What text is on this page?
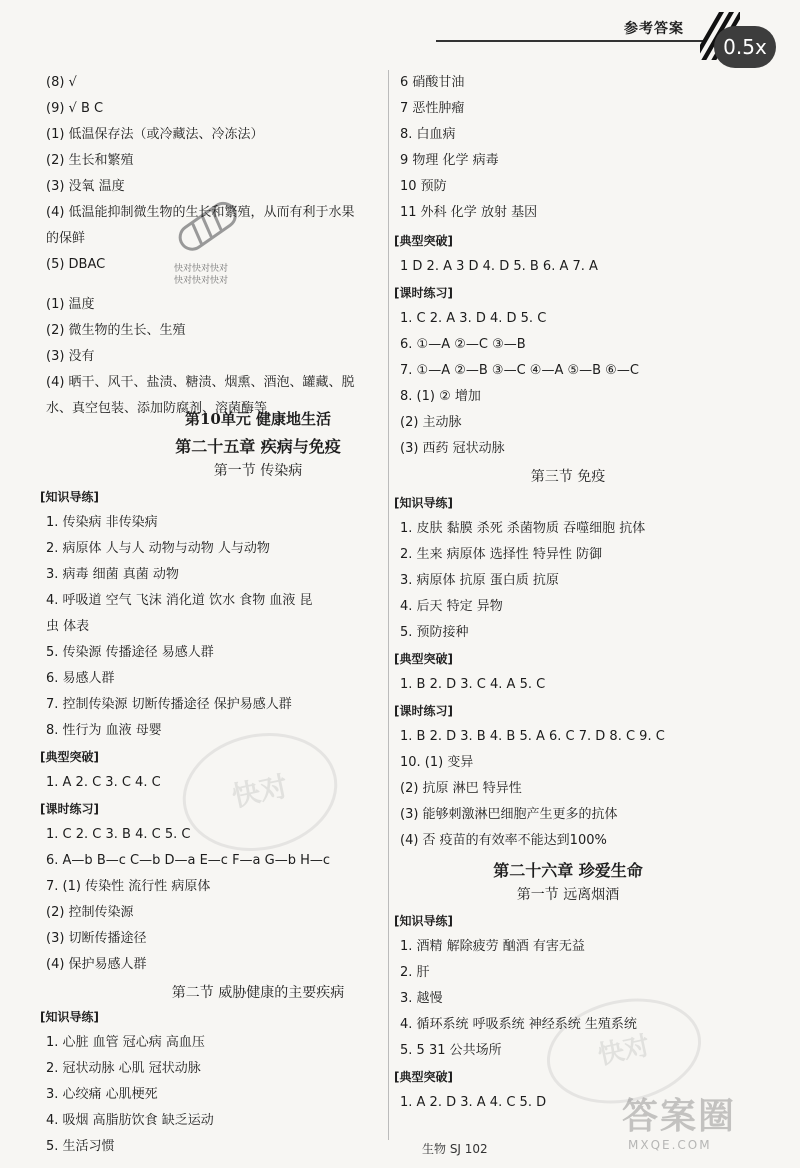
参考答案
0.5x
快对快对快对
快对快对快对
快对
快对
答案圈
MXQE.COM
(8) √
(9) √ B C
(1) 低温保存法（或冷藏法、冷冻法）
(2) 生长和繁殖
(3) 没氧 温度
(4) 低温能抑制微生物的生长和繁殖，从而有利于水果
的保鲜
(5) DBAC
(1) 温度
(2) 微生物的生长、生殖
(3) 没有
(4) 晒干、风干、盐渍、糖渍、烟熏、酒泡、罐藏、脱
水、真空包装、添加防腐剂、溶菌酶等
第10单元 健康地生活
第二十五章 疾病与免疫
第一节 传染病
[知识导练]
1. 传染病 非传染病
2. 病原体 人与人 动物与动物 人与动物
3. 病毒 细菌 真菌 动物
4. 呼吸道 空气 飞沫 消化道 饮水 食物 血液 昆
虫 体表
5. 传染源 传播途径 易感人群
6. 易感人群
7. 控制传染源 切断传播途径 保护易感人群
8. 性行为 血液 母婴
[典型突破]
1. A 2. C 3. C 4. C
[课时练习]
1. C 2. C 3. B 4. C 5. C
6. A—b B—c C—b D—a E—c F—a G—b H—c
7. (1) 传染性 流行性 病原体
(2) 控制传染源
(3) 切断传播途径
(4) 保护易感人群
第二节 威胁健康的主要疾病
[知识导练]
1. 心脏 血管 冠心病 高血压
2. 冠状动脉 心肌 冠状动脉
3. 心绞痛 心肌梗死
4. 吸烟 高脂肪饮食 缺乏运动
5. 生活习惯
6 硝酸甘油
7 恶性肿瘤
8. 白血病
9 物理 化学 病毒
10 预防
11 外科 化学 放射 基因
[典型突破]
1 D 2. A 3 D 4. D 5. B 6. A 7. A
[课时练习]
1. C 2. A 3. D 4. D 5. C
6. ①—A ②—C ③—B
7. ①—A ②—B ③—C ④—A ⑤—B ⑥—C
8. (1) ② 增加
(2) 主动脉
(3) 西药 冠状动脉
第三节 免疫
[知识导练]
1. 皮肤 黏膜 杀死 杀菌物质 吞噬细胞 抗体
2. 生来 病原体 选择性 特异性 防御
3. 病原体 抗原 蛋白质 抗原
4. 后天 特定 异物
5. 预防接种
[典型突破]
1. B 2. D 3. C 4. A 5. C
[课时练习]
1. B 2. D 3. B 4. B 5. A 6. C 7. D 8. C 9. C
10. (1) 变异
(2) 抗原 淋巴 特异性
(3) 能够刺激淋巴细胞产生更多的抗体
(4) 否 疫苗的有效率不能达到100%
第二十六章 珍爱生命
第一节 远离烟酒
[知识导练]
1. 酒精 解除疲劳 酗酒 有害无益
2. 肝
3. 越慢
4. 循环系统 呼吸系统 神经系统 生殖系统
5. 5 31 公共场所
[典型突破]
1. A 2. D 3. A 4. C 5. D
生物 SJ 102
